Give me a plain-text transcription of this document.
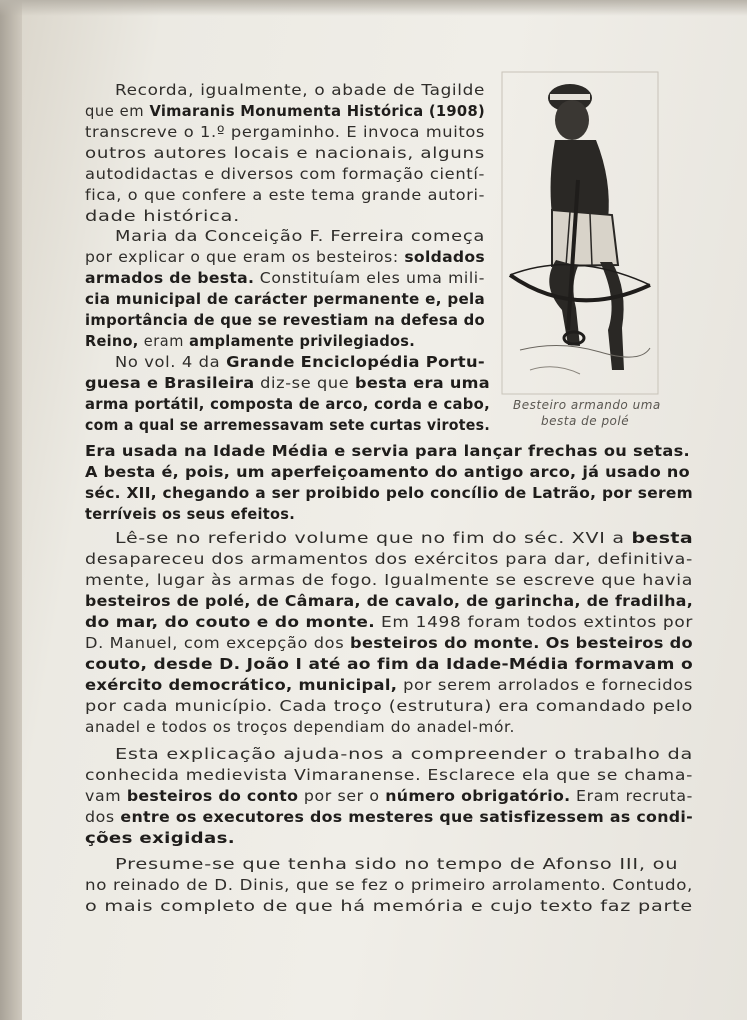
Recorda, igualmente, o abade de Tagilde
que em Vimaranis Monumenta Histórica (1908)
transcreve o 1.º pergaminho. E invoca muitos
outros autores locais e nacionais, alguns
autodidactas e diversos com formação cientí-
fica, o que confere a este tema grande autori-
dade histórica.
Maria da Conceição F. Ferreira começa
por explicar o que eram os besteiros: soldados
armados de besta. Constituíam eles uma mili-
cia municipal de carácter permanente e, pela
importância de que se revestiam na defesa do
Reino, eram amplamente privilegiados.
No vol. 4 da Grande Enciclopédia Portu-
guesa e Brasileira diz-se que besta era uma
arma portátil, composta de arco, corda e cabo,
com a qual se arremessavam sete curtas virotes.
Era usada na Idade Média e servia para lançar frechas ou setas.
A besta é, pois, um aperfeiçoamento do antigo arco, já usado no
séc. XII, chegando a ser proibido pelo concílio de Latrão, por serem
terríveis os seus efeitos.
Lê-se no referido volume que no fim do séc. XVI a besta
desapareceu dos armamentos dos exércitos para dar, definitiva-
mente, lugar às armas de fogo. Igualmente se escreve que havia
besteiros de polé, de Câmara, de cavalo, de garincha, de fradilha,
do mar, do couto e do monte. Em 1498 foram todos extintos por
D. Manuel, com excepção dos besteiros do monte. Os besteiros do
couto, desde D. João I até ao fim da Idade-Média formavam o
exército democrático, municipal, por serem arrolados e fornecidos
por cada município. Cada troço (estrutura) era comandado pelo
anadel e todos os troços dependiam do anadel-mór.
Esta explicação ajuda-nos a compreender o trabalho da
conhecida medievista Vimaranense. Esclarece ela que se chama-
vam besteiros do conto por ser o número obrigatório. Eram recruta-
dos entre os executores dos mesteres que satisfizessem as condi-
ções exigidas.
Presume-se que tenha sido no tempo de Afonso III, ou
no reinado de D. Dinis, que se fez o primeiro arrolamento. Contudo,
o mais completo de que há memória e cujo texto faz parte
Besteiro armando uma
besta de polé
